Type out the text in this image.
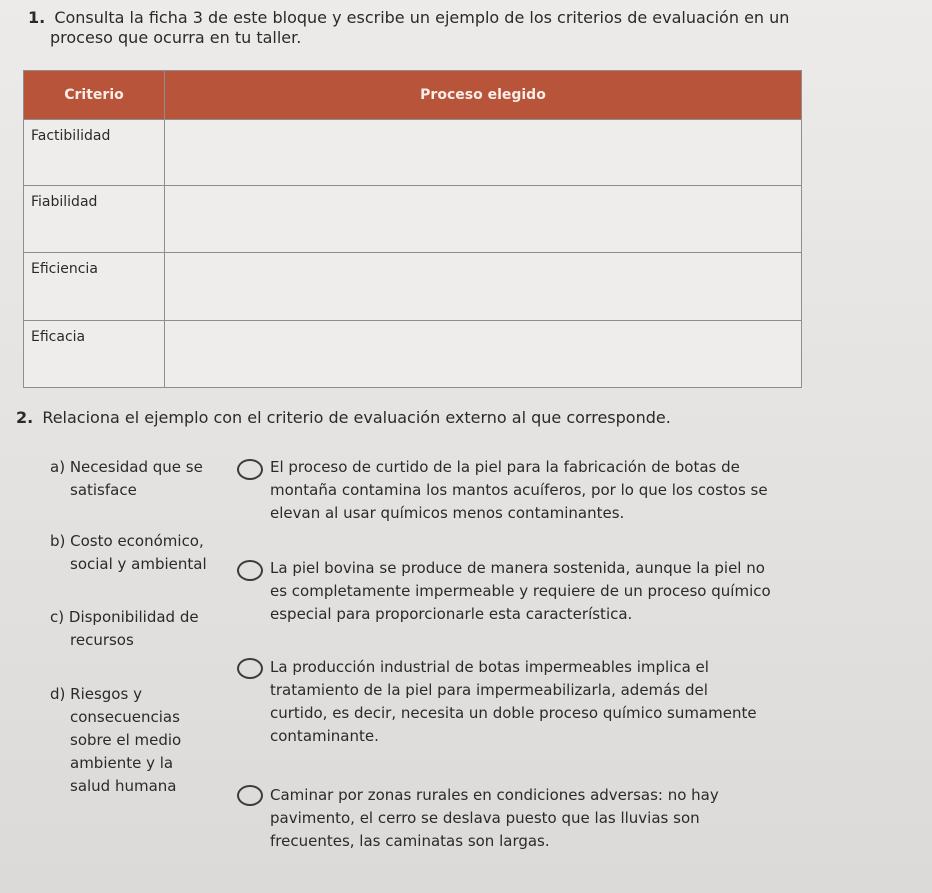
1. Consulta la ficha 3 de este bloque y escribe un ejemplo de los criterios de evaluación en un
proceso que ocurra en tu taller.
Criterio	Proceso elegido
Factibilidad	
Fiabilidad	
Eficiencia	
Eficacia	
2. Relaciona el ejemplo con el criterio de evaluación externo al que corresponde.
a) Necesidad que se
satisface
b) Costo económico,
social y ambiental
c) Disponibilidad de
recursos
d) Riesgos y
consecuencias
sobre el medio
ambiente y la
salud humana
El proceso de curtido de la piel para la fabricación de botas de
montaña contamina los mantos acuíferos, por lo que los costos se
elevan al usar químicos menos contaminantes.
La piel bovina se produce de manera sostenida, aunque la piel no
es completamente impermeable y requiere de un proceso químico
especial para proporcionarle esta característica.
La producción industrial de botas impermeables implica el
tratamiento de la piel para impermeabilizarla, además del
curtido, es decir, necesita un doble proceso químico sumamente
contaminante.
Caminar por zonas rurales en condiciones adversas: no hay
pavimento, el cerro se deslava puesto que las lluvias son
frecuentes, las caminatas son largas.
